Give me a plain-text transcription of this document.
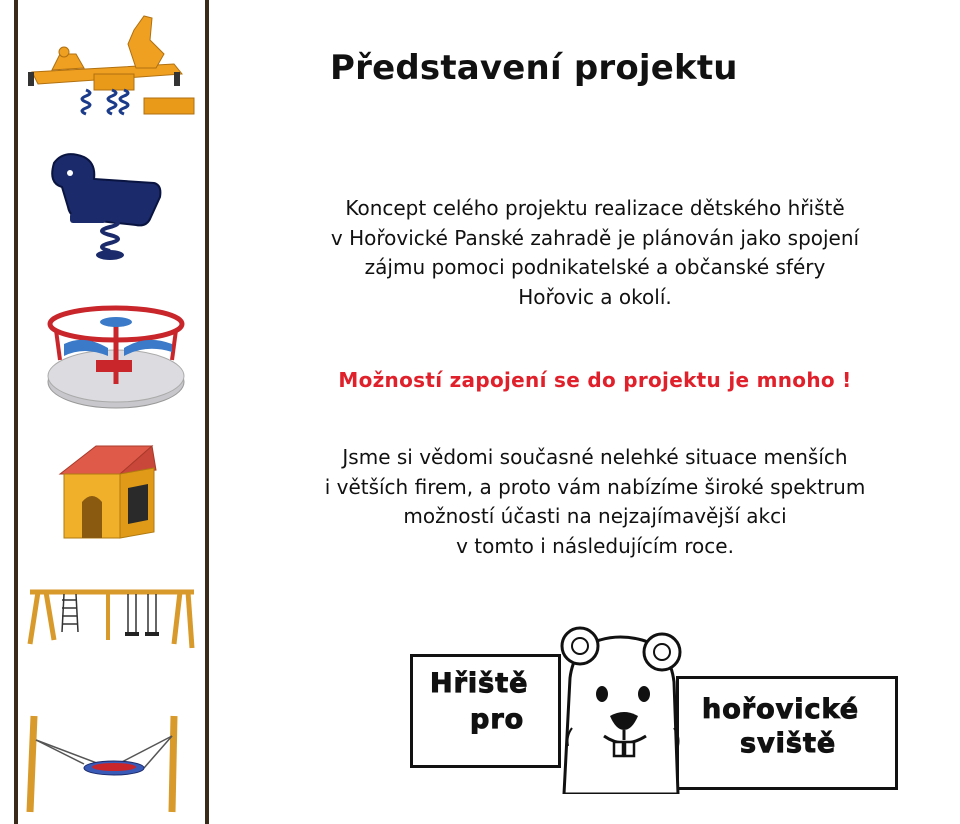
Představení projektu
Koncept celého projektu realizace dětského hřiště
v Hořovické Panské zahradě je plánován jako spojení
zájmu pomoci podnikatelské a občanské sféry
Hořovic a okolí.
Možností zapojení se do projektu je mnoho !
Jsme si vědomi současné nelehké situace menších
i větších firem, a proto vám nabízíme široké spektrum
možností účasti na nejzajímavější akci
v tomto i následujícím roce.
Hřiště
pro	hořovické
sviště
